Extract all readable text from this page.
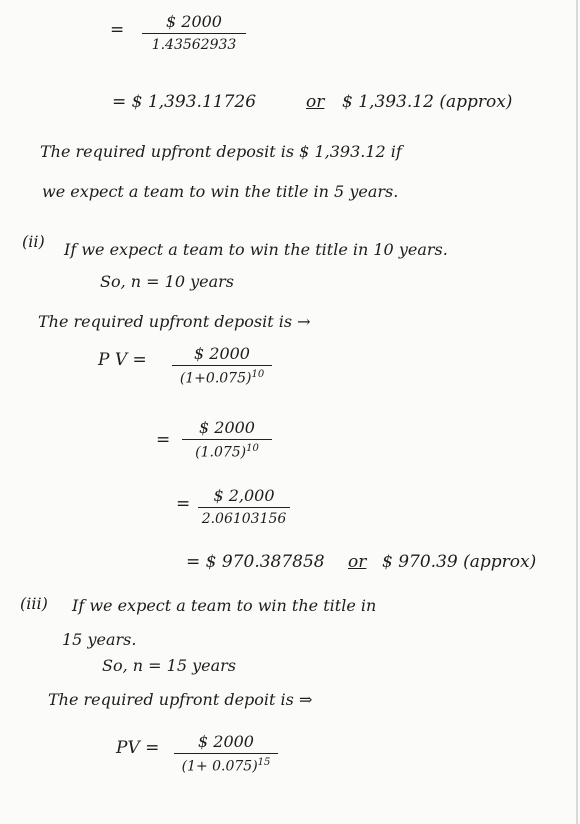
=	$ 2000
1.43562933
= $ 1,393.11726	or $ 1,393.12 (approx)
The required upfront deposit is $ 1,393.12 if
we expect a team to win the title in 5 years.
(ii) If we expect a team to win the title in 10 years.
So, n = 10 years
The required upfront deposit is →
P V =	$ 2000
$(1+0.075)^{10}$
=
$ 2000
$(1.075)^{10}$
=	$ 2,000
2.06103156
= $ 970.387858 or $ 970.39 (approx)
(iii) If we expect a team to win the title in
15 years.
So, n = 15 years
The required upfront depoit is ⇒
PV =	$ 2000
$(1+ 0.075)^{15}$
